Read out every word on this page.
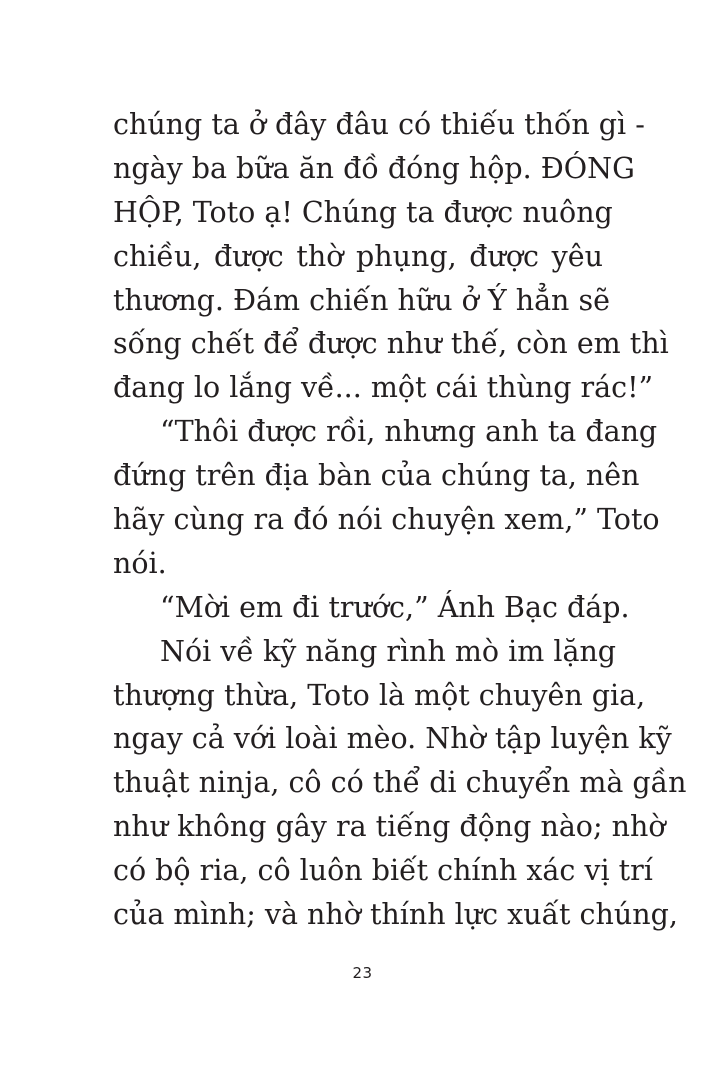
chúng ta ở đây đâu có thiếu thốn gì -
ngày ba bữa ăn đồ đóng hộp. ĐÓNG
HỘP, Toto ạ! Chúng ta được nuông
chiều, được thờ phụng, được yêu
thương. Đám chiến hữu ở Ý hẳn sẽ
sống chết để được như thế, còn em thì
đang lo lắng về... một cái thùng rác!”
“Thôi được rồi, nhưng anh ta đang
đứng trên địa bàn của chúng ta, nên
hãy cùng ra đó nói chuyện xem,” Toto
nói.
“Mời em đi trước,” Ánh Bạc đáp.
Nói về kỹ năng rình mò im lặng
thượng thừa, Toto là một chuyên gia,
ngay cả với loài mèo. Nhờ tập luyện kỹ
thuật ninja, cô có thể di chuyển mà gần
như không gây ra tiếng động nào; nhờ
có bộ ria, cô luôn biết chính xác vị trí
của mình; và nhờ thính lực xuất chúng,
23
